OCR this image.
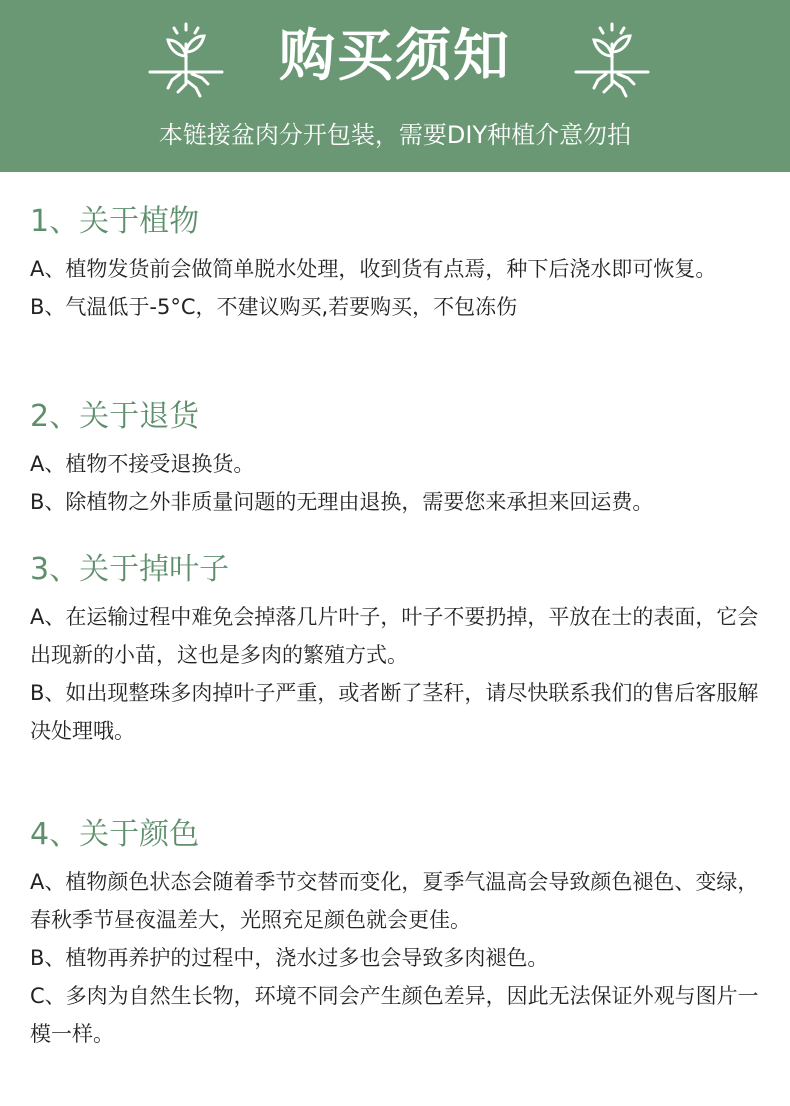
购买须知
本链接盆肉分开包装，需要DIY种植介意勿拍
1、关于植物

A、植物发货前会做简单脱水处理，收到货有点焉，种下后浇水即可恢复。

B、气温低于-5°C，不建议购买,若要购买，不包冻伤

2、关于退货

A、植物不接受退换货。

B、除植物之外非质量问题的无理由退换，需要您来承担来回运费。

3、关于掉叶子

A、在运输过程中难免会掉落几片叶子，叶子不要扔掉，平放在士的表面，它会出现新的小苗，这也是多肉的繁殖方式。

B、如出现整珠多肉掉叶子严重，或者断了茎秆，请尽快联系我们的售后客服解决处理哦。

4、关于颜色

A、植物颜色状态会随着季节交替而变化，夏季气温高会导致颜色褪色、变绿，春秋季节昼夜温差大，光照充足颜色就会更佳。

B、植物再养护的过程中，浇水过多也会导致多肉褪色。

C、多肉为自然生长物，环境不同会产生颜色差异，因此无法保证外观与图片一模一样。
